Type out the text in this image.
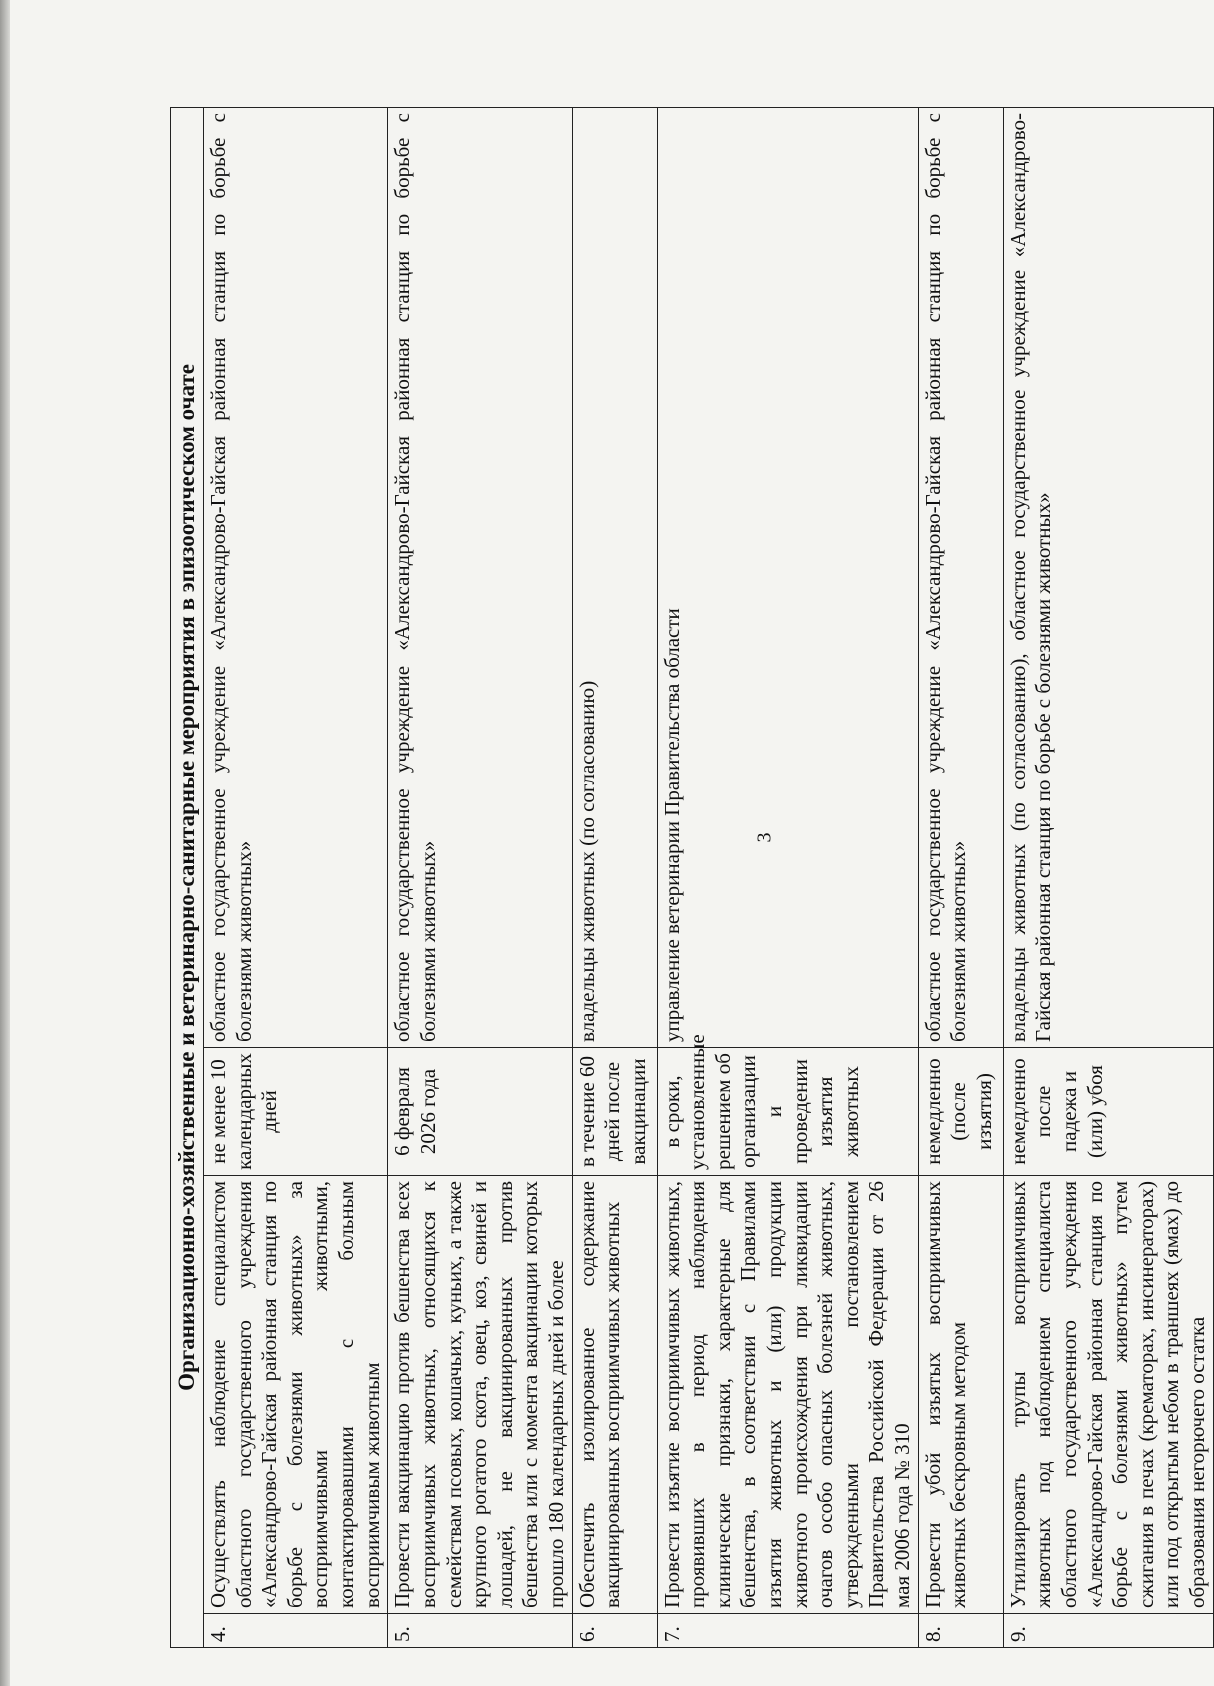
3
Организационно-хозяйственные и ветеринарно-санитарные мероприятия в эпизоотическом очате			
4.	Осуществлять наблюдение специалистом областного государственного учреждения «Александрово-Гайская районная станция по борьбе с болезнями животных» за восприимчивыми животными, контактировавшими с больным восприимчивым животным	не менее 10 календарных дней	областное государственное учреждение «Александрово-Гайская районная станция по борьбе с болезнями животных»
5.	Провести вакцинацию против бешенства всех восприимчивых животных, относящихся к семействам псовых, кошачьих, куньих, а также крупного рогатого скота, овец, коз, свиней и лошадей, не вакцинированных против бешенства или с момента вакцинации которых прошло 180 календарных дней и более	6 февраля 2026 года	областное государственное учреждение «Александрово-Гайская районная станция по борьбе с болезнями животных»
6.	Обеспечить изолированное содержание вакцинированных восприимчивых животных	в течение 60 дней после вакцинации	владельцы животных (по согласованию)
7.	Провести изъятие восприимчивых животных, проявивших в период наблюдения клинические признаки, характерные для бешенства, в соответствии с Правилами изъятия животных и (или) продукции животного происхождения при ликвидации очагов особо опасных болезней животных, утвержденными постановлением Правительства Российской Федерации от 26 мая 2006 года № 310	в сроки, установленные решением об организации и проведении изъятия животных	управление ветеринарии Правительства области
8.	Провести убой изъятых восприимчивых животных бескровным методом	немедленно (после изъятия)	областное государственное учреждение «Александрово-Гайская районная станция по борьбе с болезнями животных»
9.	Утилизировать трупы восприимчивых животных под наблюдением специалиста областного государственного учреждения «Александрово-Гайская районная станция по борьбе с болезнями животных» путем сжигания в печах (крематорах, инсинераторах) или под открытым небом в траншеях (ямах) до образования негорючего остатка	немедленно после падежа и (или) убоя	владельцы животных (по согласованию), областное государственное учреждение «Александрово-Гайская районная станция по борьбе с болезнями животных»
